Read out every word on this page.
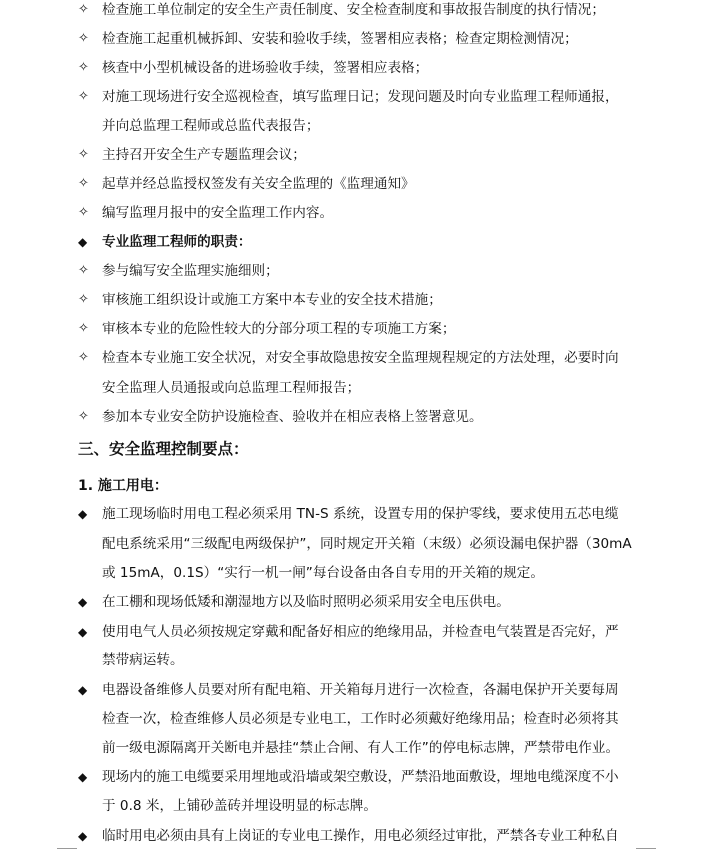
✧ 检查施工单位制定的安全生产责任制度、安全检查制度和事故报告制度的执行情况；
✧ 检查施工起重机械拆卸、安装和验收手续，签署相应表格；检查定期检测情况；
✧ 核查中小型机械设备的进场验收手续，签署相应表格；
✧ 对施工现场进行安全巡视检查，填写监理日记；发现问题及时向专业监理工程师通报，
并向总监理工程师或总监代表报告；
✧ 主持召开安全生产专题监理会议；
✧ 起草并经总监授权签发有关安全监理的《监理通知》
✧ 编写监理月报中的安全监理工作内容。
◆ 专业监理工程师的职责：
✧ 参与编写安全监理实施细则；
✧ 审核施工组织设计或施工方案中本专业的安全技术措施；
✧ 审核本专业的危险性较大的分部分项工程的专项施工方案；
✧ 检查本专业施工安全状况，对安全事故隐患按安全监理规程规定的方法处理，必要时向
安全监理人员通报或向总监理工程师报告；
✧ 参加本专业安全防护设施检查、验收并在相应表格上签署意见。
三、安全监理控制要点：
1. 施工用电：
◆ 施工现场临时用电工程必须采用 TN-S 系统，设置专用的保护零线，要求使用五芯电缆
配电系统采用“三级配电两级保护”，同时规定开关箱（末级）必须设漏电保护器（30mA
或 15mA，0.1S）“实行一机一闸”每台设备由各自专用的开关箱的规定。
◆ 在工棚和现场低矮和潮湿地方以及临时照明必须采用安全电压供电。
◆ 使用电气人员必须按规定穿戴和配备好相应的绝缘用品，并检查电气装置是否完好，严
禁带病运转。
◆ 电器设备维修人员要对所有配电箱、开关箱每月进行一次检查，各漏电保护开关要每周
检查一次，检查维修人员必须是专业电工，工作时必须戴好绝缘用品；检查时必须将其
前一级电源隔离开关断电并悬挂“禁止合闸、有人工作”的停电标志牌，严禁带电作业。
◆ 现场内的施工电缆要采用埋地或沿墙或架空敷设，严禁沿地面敷设，埋地电缆深度不小
于 0.8 米，上铺砂盖砖并埋设明显的标志牌。
◆ 临时用电必须由具有上岗证的专业电工操作，用电必须经过审批，严禁各专业工种私自
